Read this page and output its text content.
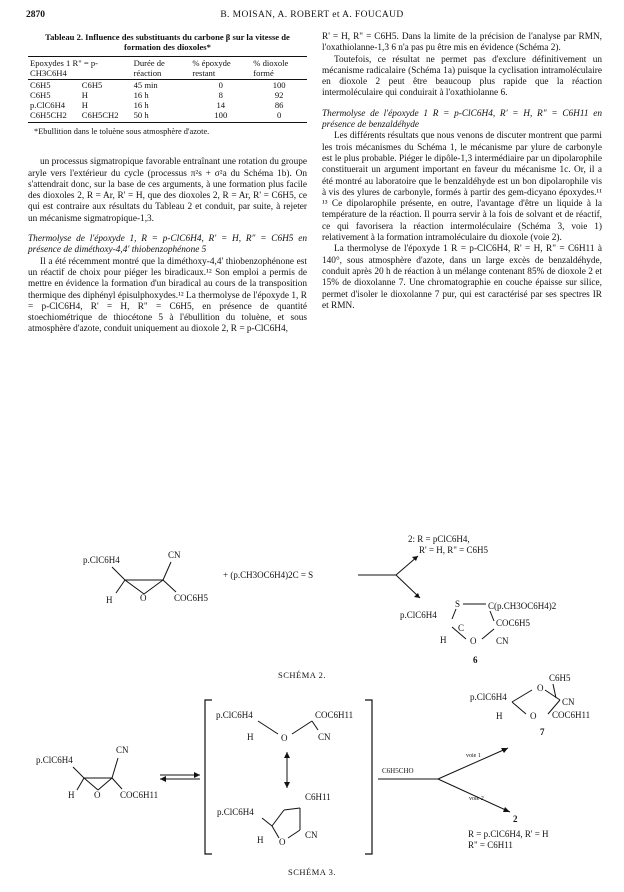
2870	B. MOISAN, A. ROBERT et A. FOUCAUD
Tableau 2. Influence des substituants du carbone β sur la vitesse de formation des dioxoles*
Epoxydes 1 R" = p-CH3C6H4		Durée de réaction	% époxyde restant	% dioxole formé
C6H5	C6H5	45 min	0	100
C6H5	H	16 h	8	92
p.ClC6H4	H	16 h	14	86
C6H5CH2	C6H5CH2	50 h	100	0
*Ebullition dans le toluène sous atmosphère d'azote.

un processus sigmatropique favorable entraînant une rotation du groupe aryle vers l'extérieur du cycle (processus π²s + σ²a du Schéma 1b). On s'attendrait donc, sur la base de ces arguments, à une formation plus facile des dioxoles 2, R = Ar, R' = H, que des dioxoles 2, R = Ar, R' = C6H5, ce qui est contraire aux résultats du Tableau 2 et conduit, par suite, à rejeter un mécanisme sigmatropique-1,3.

Thermolyse de l'époxyde 1, R = p-ClC6H4, R' = H, R" = C6H5 en présence de diméthoxy-4,4' thiobenzophénone 5

Il a été récemment montré que la diméthoxy-4,4' thiobenzophénone est un réactif de choix pour piéger les biradicaux.¹² Son emploi a permis de mettre en évidence la formation d'un biradical au cours de la transposition thermique des diphényl épisulphoxydes.¹² La thermolyse de l'époxyde 1, R = p-ClC6H4, R' = H, R" = C6H5, en présence de quantité stoechiométrique de thiocétone 5 à l'ébullition du toluène, et sous atmosphère d'azote, conduit uniquement au dioxole 2, R = p-ClC6H4,

R' = H, R" = C6H5. Dans la limite de la précision de l'analyse par RMN, l'oxathiolanne-1,3 6 n'a pas pu être mis en évidence (Schéma 2).

Toutefois, ce résultat ne permet pas d'exclure définitivement un mécanisme radicalaire (Schéma 1a) puisque la cyclisation intramoléculaire en dioxole 2 peut être beaucoup plus rapide que la réaction intermoléculaire qui conduirait à l'oxathiolanne 6.

Thermolyse de l'époxyde 1 R = p-ClC6H4, R' = H, R" = C6H11 en présence de benzaldéhyde

Les différents résultats que nous venons de discuter montrent que parmi les trois mécanismes du Schéma 1, le mécanisme par ylure de carbonyle est le plus probable. Piéger le dipôle-1,3 intermédiaire par un dipolarophile constituerait un argument important en faveur du mécanisme 1c. Or, il a été montré au laboratoire que le benzaldéhyde est un bon dipolarophile vis à vis des ylures de carbonyle, formés à partir des gem-dicyano époxydes.¹¹ ¹³ Ce dipolarophile présente, en outre, l'avantage d'être un liquide à la température de la réaction. Il pourra servir à la fois de solvant et de réactif, ce qui favorisera la réaction intermoléculaire (Schéma 3, voie 1) relativement à la formation intramoléculaire du dioxole (voie 2).

La thermolyse de l'époxyde 1 R = p-ClC6H4, R' = H, R" = C6H11 à 140°, sous atmosphère d'azote, dans un large excès de benzaldéhyde, conduit après 20 h de réaction à un mélange contenant 85% de dioxole 2 et 15% de dioxolanne 7. Une chromatographie en couche épaisse sur silice, permet d'isoler le dioxolanne 7 pur, qui est caractérisé par ses spectres IR et RMN.

p.ClC6H4	CN
H	O	COC6H5
+ (p.CH3OC6H4)2C = S
2: R = pClC6H4,
R' = H, R" = C6H5
p.ClC6H4
S	C(p.CH3OC6H4)2
C	COC6H5
O
H	CN
6
SCHÉMA 2.
p.ClC6H4
CN
H O COC6H11
p.ClC6H4	COC6H11
O
H	CN
C6H11
p.ClC6H4
H O
CN
C6H5CHO
voie 1
voie 2
C6H5
p.ClC6H4
O
CN
O
H	COC6H11
7
2
R = p.ClC6H4, R' = H
R" = C6H11
SCHÉMA 3.
